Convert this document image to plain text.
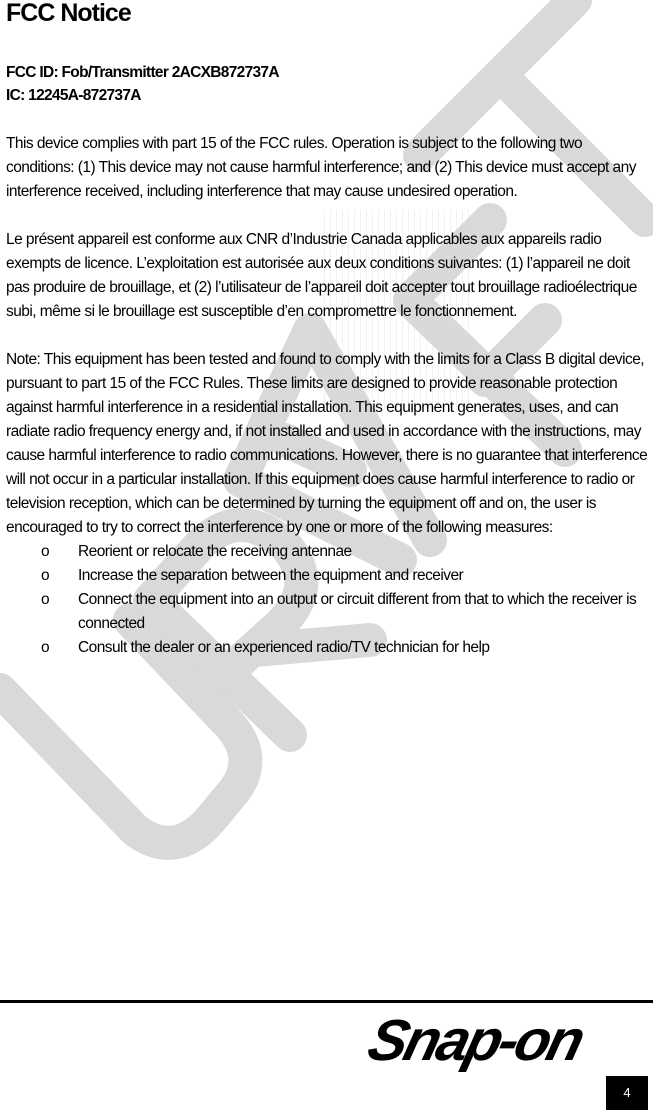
FCC Notice
FCC ID: Fob/Transmitter 2ACXB872737A
IC: 12245A-872737A

This device complies with part 15 of the FCC rules. Operation is subject to the following two conditions: (1) This device may not cause harmful interference; and (2) This device must accept any interference received, including interference that may cause undesired operation.

Le présent appareil est conforme aux CNR d’Industrie Canada applicables aux appareils radio exempts de licence. L’exploitation est autorisée aux deux conditions suivantes: (1) l’appareil ne doit pas produire de brouillage, et (2) l’utilisateur de l’appareil doit accepter tout brouillage radioélectrique subi, même si le brouillage est susceptible d’en compromettre le fonctionnement.

Note: This equipment has been tested and found to comply with the limits for a Class B digital device, pursuant to part 15 of the FCC Rules. These limits are designed to provide reasonable protection against harmful interference in a residential installation. This equipment generates, uses, and can radiate radio frequency energy and, if not installed and used in accordance with the instructions, may cause harmful interference to radio communications. However, there is no guarantee that interference will not occur in a particular installation. If this equipment does cause harmful interference to radio or television reception, which can be determined by turning the equipment off and on, the user is encouraged to try to correct the interference by one or more of the following measures:

o Reorient or relocate the receiving antennae
o Increase the separation between the equipment and receiver
o Connect the equipment into an output or circuit different from that to which the receiver is connected
o Consult the dealer or an experienced radio/TV technician for help
Snap-on
4
